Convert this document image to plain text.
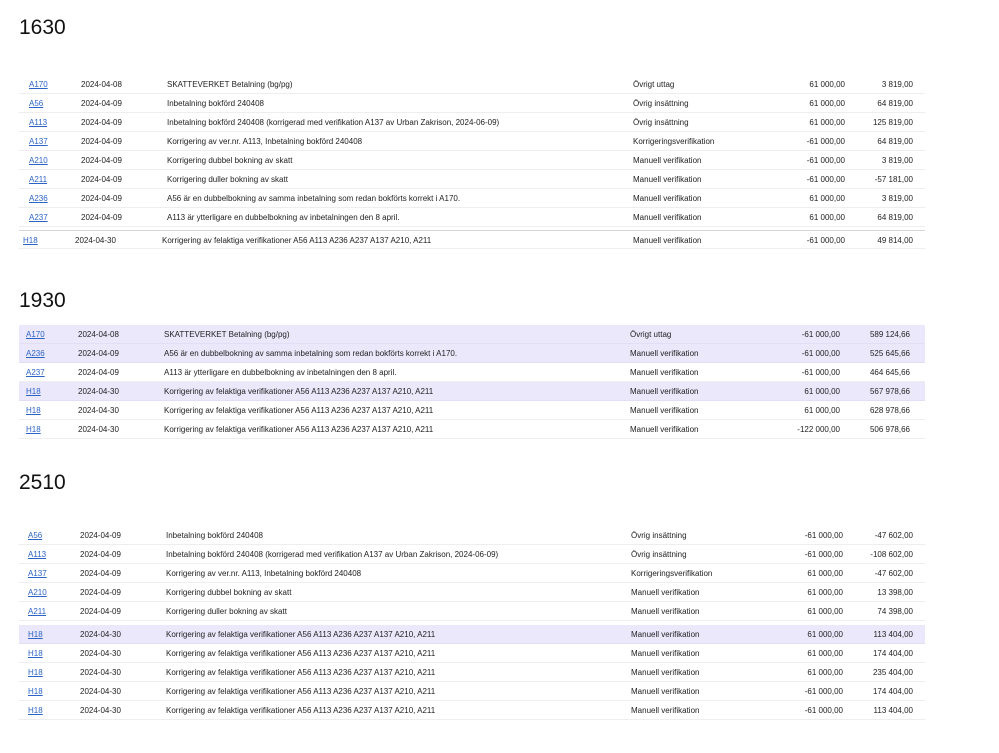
1630
A170	2024-04-08	SKATTEVERKET Betalning (bg/pg)	Övrigt uttag	61 000,00	3 819,00
A56	2024-04-09	Inbetalning bokförd 240408	Övrig insättning	61 000,00	64 819,00
A113	2024-04-09	Inbetalning bokförd 240408 (korrigerad med verifikation A137 av Urban Zakrison, 2024-06-09)	Övrig insättning	61 000,00	125 819,00
A137	2024-04-09	Korrigering av ver.nr. A113, Inbetalning bokförd 240408	Korrigeringsverifikation	-61 000,00	64 819,00
A210	2024-04-09	Korrigering dubbel bokning av skatt	Manuell verifikation	-61 000,00	3 819,00
A211	2024-04-09	Korrigering duller bokning av skatt	Manuell verifikation	-61 000,00	-57 181,00
A236	2024-04-09	A56 är en dubbelbokning av samma inbetalning som redan bokförts korrekt i A170.	Manuell verifikation	61 000,00	3 819,00
A237	2024-04-09	A113 är ytterligare en dubbelbokning av inbetalningen den 8 april.	Manuell verifikation	61 000,00	64 819,00
H18	2024-04-30	Korrigering av felaktiga verifikationer A56 A113 A236 A237 A137 A210, A211	Manuell verifikation	-61 000,00	49 814,00
1930
A170	2024-04-08	SKATTEVERKET Betalning (bg/pg)	Övrigt uttag	-61 000,00	589 124,66
A236	2024-04-09	A56 är en dubbelbokning av samma inbetalning som redan bokförts korrekt i A170.	Manuell verifikation	-61 000,00	525 645,66
A237	2024-04-09	A113 är ytterligare en dubbelbokning av inbetalningen den 8 april.	Manuell verifikation	-61 000,00	464 645,66
H18	2024-04-30	Korrigering av felaktiga verifikationer A56 A113 A236 A237 A137 A210, A211	Manuell verifikation	61 000,00	567 978,66
H18	2024-04-30	Korrigering av felaktiga verifikationer A56 A113 A236 A237 A137 A210, A211	Manuell verifikation	61 000,00	628 978,66
H18	2024-04-30	Korrigering av felaktiga verifikationer A56 A113 A236 A237 A137 A210, A211	Manuell verifikation	-122 000,00	506 978,66
2510
A56	2024-04-09	Inbetalning bokförd 240408	Övrig insättning	-61 000,00	-47 602,00
A113	2024-04-09	Inbetalning bokförd 240408 (korrigerad med verifikation A137 av Urban Zakrison, 2024-06-09)	Övrig insättning	-61 000,00	-108 602,00
A137	2024-04-09	Korrigering av ver.nr. A113, Inbetalning bokförd 240408	Korrigeringsverifikation	61 000,00	-47 602,00
A210	2024-04-09	Korrigering dubbel bokning av skatt	Manuell verifikation	61 000,00	13 398,00
A211	2024-04-09	Korrigering duller bokning av skatt	Manuell verifikation	61 000,00	74 398,00
H18	2024-04-30	Korrigering av felaktiga verifikationer A56 A113 A236 A237 A137 A210, A211	Manuell verifikation	61 000,00	113 404,00
H18	2024-04-30	Korrigering av felaktiga verifikationer A56 A113 A236 A237 A137 A210, A211	Manuell verifikation	61 000,00	174 404,00
H18	2024-04-30	Korrigering av felaktiga verifikationer A56 A113 A236 A237 A137 A210, A211	Manuell verifikation	61 000,00	235 404,00
H18	2024-04-30	Korrigering av felaktiga verifikationer A56 A113 A236 A237 A137 A210, A211	Manuell verifikation	-61 000,00	174 404,00
H18	2024-04-30	Korrigering av felaktiga verifikationer A56 A113 A236 A237 A137 A210, A211	Manuell verifikation	-61 000,00	113 404,00
